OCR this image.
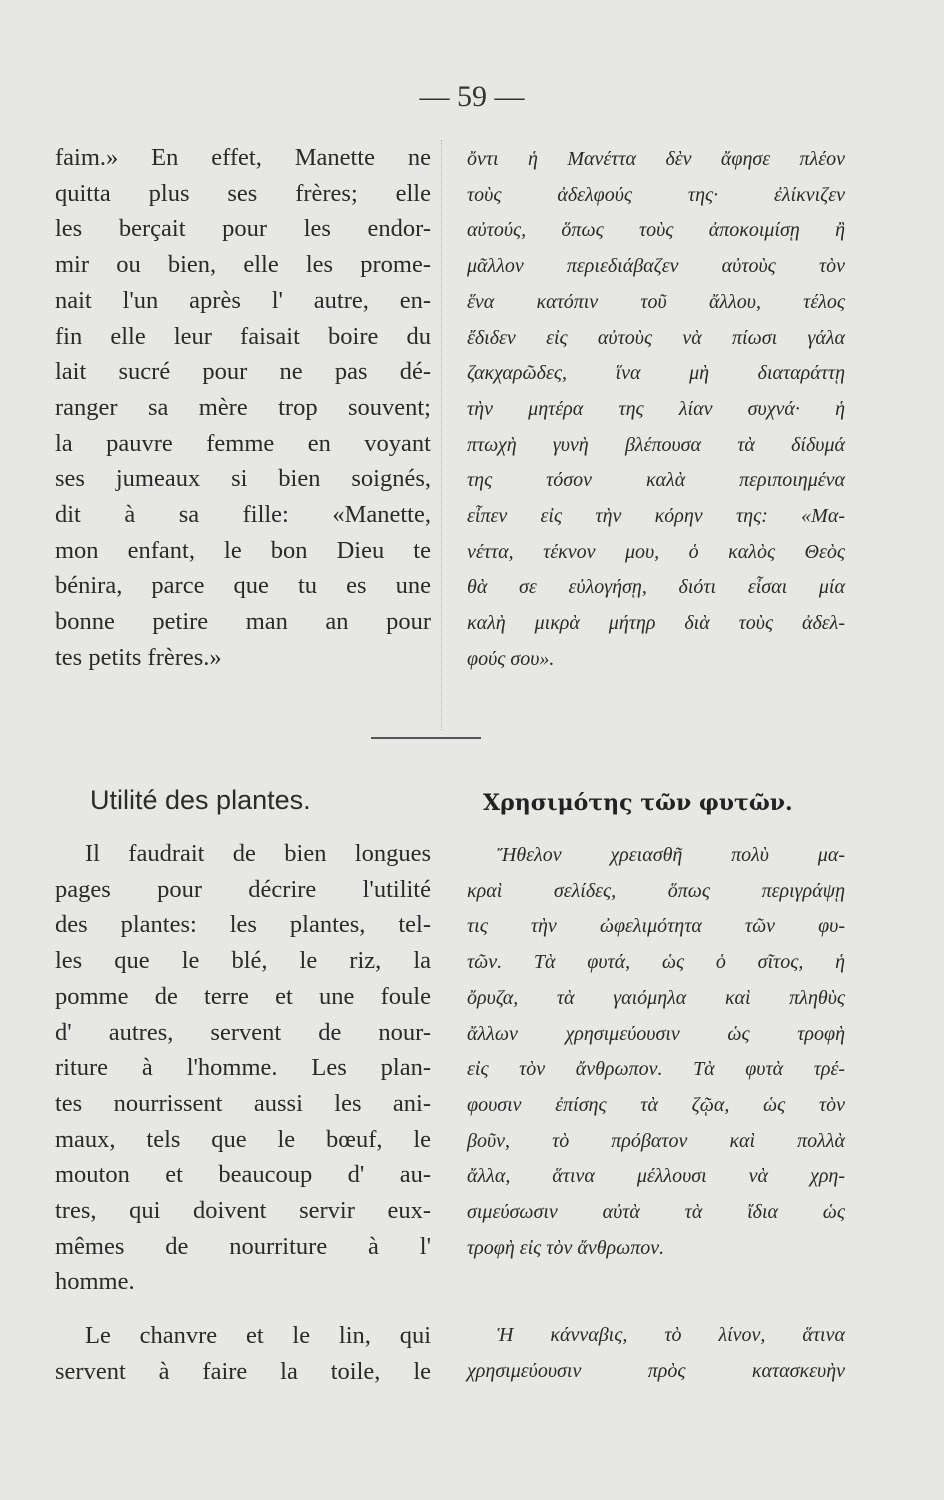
— 59 —
faim.» En effet, Manette ne
quitta plus ses frères; elle
les berçait pour les endor-
mir ou bien, elle les prome-
nait l'un après l' autre, en-
fin elle leur faisait boire du
lait sucré pour ne pas dé-
ranger sa mère trop souvent;
la pauvre femme en voyant
ses jumeaux si bien soignés,
dit à sa fille: «Manette,
mon enfant, le bon Dieu te
bénira, parce que tu es une
bonne petire man an pour
tes petits frères.»
ὄντι ἡ Μανέττα δὲν ἄφησε πλέον
τοὺς ἀδελφούς της· ἐλίκνιζεν
αὐτούς, ὅπως τοὺς ἀποκοιμίσῃ ἢ
μᾶλλον περιεδιάβαζεν αὐτοὺς τὸν
ἕνα κατόπιν τοῦ ἄλλου, τέλος
ἔδιδεν εἰς αὐτοὺς νὰ πίωσι γάλα
ζακχαρῶδες, ἵνα μὴ διαταράττῃ
τὴν μητέρα της λίαν συχνά· ἡ
πτωχὴ γυνὴ βλέπουσα τὰ δίδυμά
της τόσον καλὰ περιποιημένα
εἶπεν εἰς τὴν κόρην της: «Μα-
νέττα, τέκνον μου, ὁ καλὸς Θεὸς
θὰ σε εὐλογήσῃ, διότι εἶσαι μία
καλὴ μικρὰ μήτηρ διὰ τοὺς ἀδελ-
φούς σου».
Utilité des plantes.	Χρησιμότης τῶν φυτῶν.
Il faudrait de bien longues
pages pour décrire l'utilité
des plantes: les plantes, tel-
les que le blé, le riz, la
pomme de terre et une foule
d' autres, servent de nour-
riture à l'homme. Les plan-
tes nourrissent aussi les ani-
maux, tels que le bœuf, le
mouton et beaucoup d' au-
tres, qui doivent servir eux-
mêmes de nourriture à l'
homme.
Ἤθελον χρειασθῆ πολὺ μα-
κραὶ σελίδες, ὅπως περιγράψῃ
τις τὴν ὠφελιμότητα τῶν φυ-
τῶν. Τὰ φυτά, ὡς ὁ σῖτος, ἡ
ὄρυζα, τὰ γαιόμηλα καὶ πληθὺς
ἄλλων χρησιμεύουσιν ὡς τροφὴ
εἰς τὸν ἄνθρωπον. Τὰ φυτὰ τρέ-
φουσιν ἐπίσης τὰ ζῷα, ὡς τὸν
βοῦν, τὸ πρόβατον καὶ πολλὰ
ἄλλα, ἅτινα μέλλουσι νὰ χρη-
σιμεύσωσιν αὐτὰ τὰ ἴδια ὡς
τροφὴ εἰς τὸν ἄνθρωπον.
Le chanvre et le lin, qui
servent à faire la toile, le
Ἡ κάνναβις, τὸ λίνον, ἅτινα
χρησιμεύουσιν πρὸς κατασκευὴν
